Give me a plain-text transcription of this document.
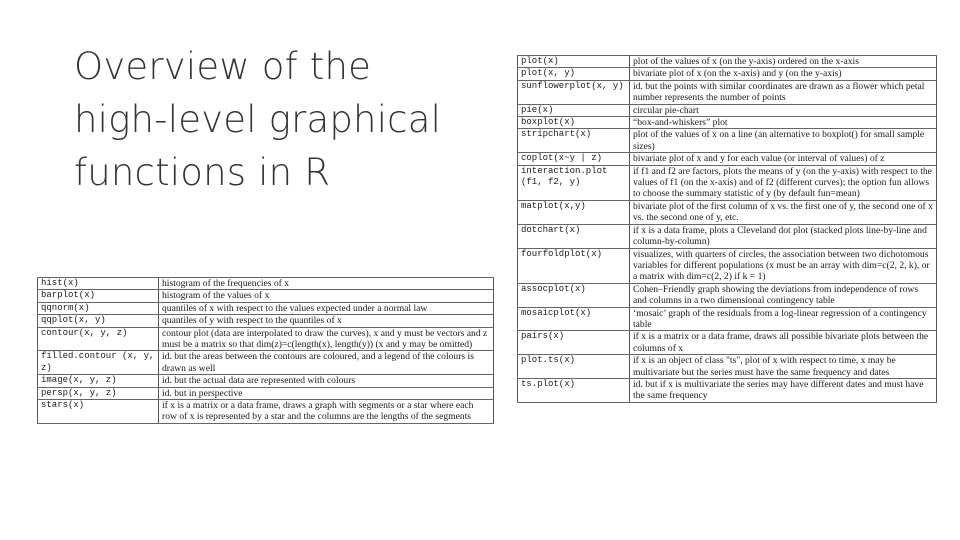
Overview of the high-level graphical functions in R
hist(x)	histogram of the frequencies of x
barplot(x)	histogram of the values of x
qqnorm(x)	quantiles of x with respect to the values expected under a normal law
qqplot(x, y)	quantiles of y with respect to the quantiles of x
contour(x, y, z)	contour plot (data are interpolated to draw the curves), x and y must be vectors and z must be a matrix so that dim(z)=c(length(x), length(y)) (x and y may be omitted)
filled.contour (x, y, z)	id. but the areas between the contours are coloured, and a legend of the colours is drawn as well
image(x, y, z)	id. but the actual data are represented with colours
persp(x, y, z)	id. but in perspective
stars(x)	if x is a matrix or a data frame, draws a graph with segments or a star where each row of x is represented by a star and the columns are the lengths of the segments
plot(x)	plot of the values of x (on the y-axis) ordered on the x-axis
plot(x, y)	bivariate plot of x (on the x-axis) and y (on the y-axis)
sunflowerplot(x, y)	id. but the points with similar coordinates are drawn as a flower which petal number represents the number of points
pie(x)	circular pie-chart
boxplot(x)	“box-and-whiskers” plot
stripchart(x)	plot of the values of x on a line (an alternative to boxplot() for small sample sizes)
coplot(x~y | z)	bivariate plot of x and y for each value (or interval of values) of z
interaction.plot (f1, f2, y)	if f1 and f2 are factors, plots the means of y (on the y-axis) with respect to the values of f1 (on the x-axis) and of f2 (different curves); the option fun allows to choose the summary statistic of y (by default fun=mean)
matplot(x,y)	bivariate plot of the first column of x vs. the first one of y, the second one of x vs. the second one of y, etc.
dotchart(x)	if x is a data frame, plots a Cleveland dot plot (stacked plots line-by-line and column-by-column)
fourfoldplot(x)	visualizes, with quarters of circles, the association between two dichotomous variables for different populations (x must be an array with dim=c(2, 2, k), or a matrix with dim=c(2, 2) if k = 1)
assocplot(x)	Cohen–Friendly graph showing the deviations from independence of rows and columns in a two dimensional contingency table
mosaicplot(x)	‘mosaic’ graph of the residuals from a log-linear regression of a contingency table
pairs(x)	if x is a matrix or a data frame, draws all possible bivariate plots between the columns of x
plot.ts(x)	if x is an object of class "ts", plot of x with respect to time, x may be multivariate but the series must have the same frequency and dates
ts.plot(x)	id. but if x is multivariate the series may have different dates and must have the same frequency
